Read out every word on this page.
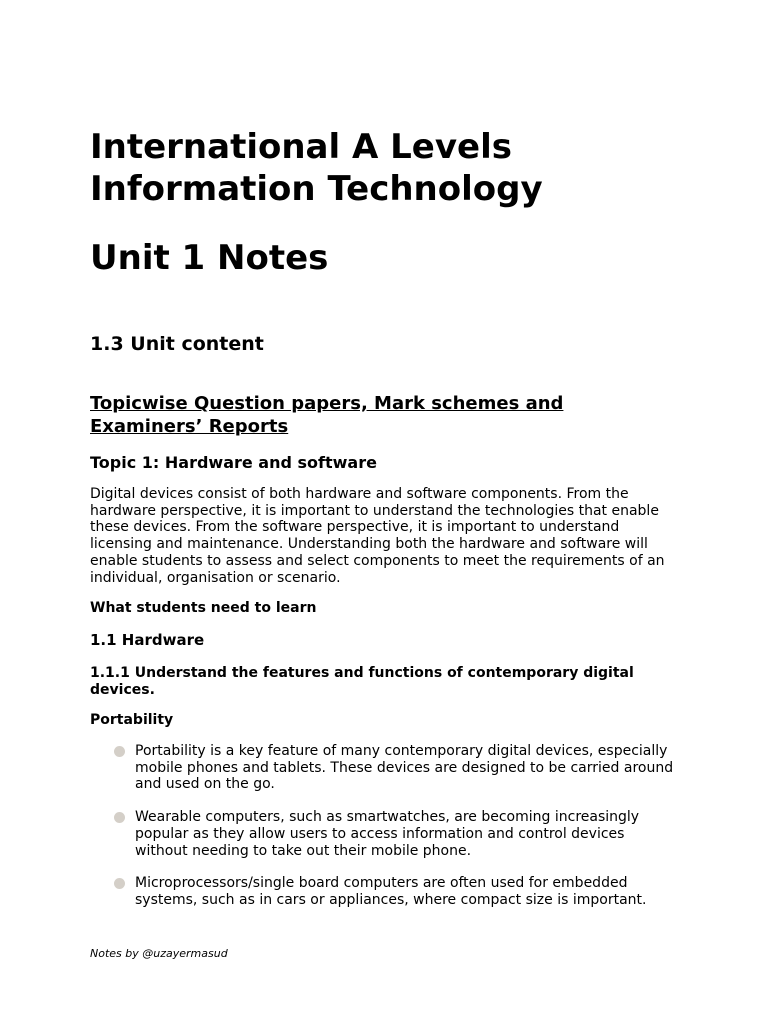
International A Levels Information Technology
Unit 1 Notes
1.3 Unit content
Topicwise Question papers, Mark schemes and Examiners’ Reports
Topic 1: Hardware and software

Digital devices consist of both hardware and software components. From the hardware perspective, it is important to understand the technologies that enable these devices. From the software perspective, it is important to understand licensing and maintenance. Understanding both the hardware and software will enable students to assess and select components to meet the requirements of an individual, organisation or scenario.

What students need to learn

1.1 Hardware

1.1.1 Understand the features and functions of contemporary digital devices.

Portability

Portability is a key feature of many contemporary digital devices, especially mobile phones and tablets. These devices are designed to be carried around and used on the go.
Wearable computers, such as smartwatches, are becoming increasingly popular as they allow users to access information and control devices without needing to take out their mobile phone.
Microprocessors/single board computers are often used for embedded systems, such as in cars or appliances, where compact size is important.
Notes by @uzayermasud
